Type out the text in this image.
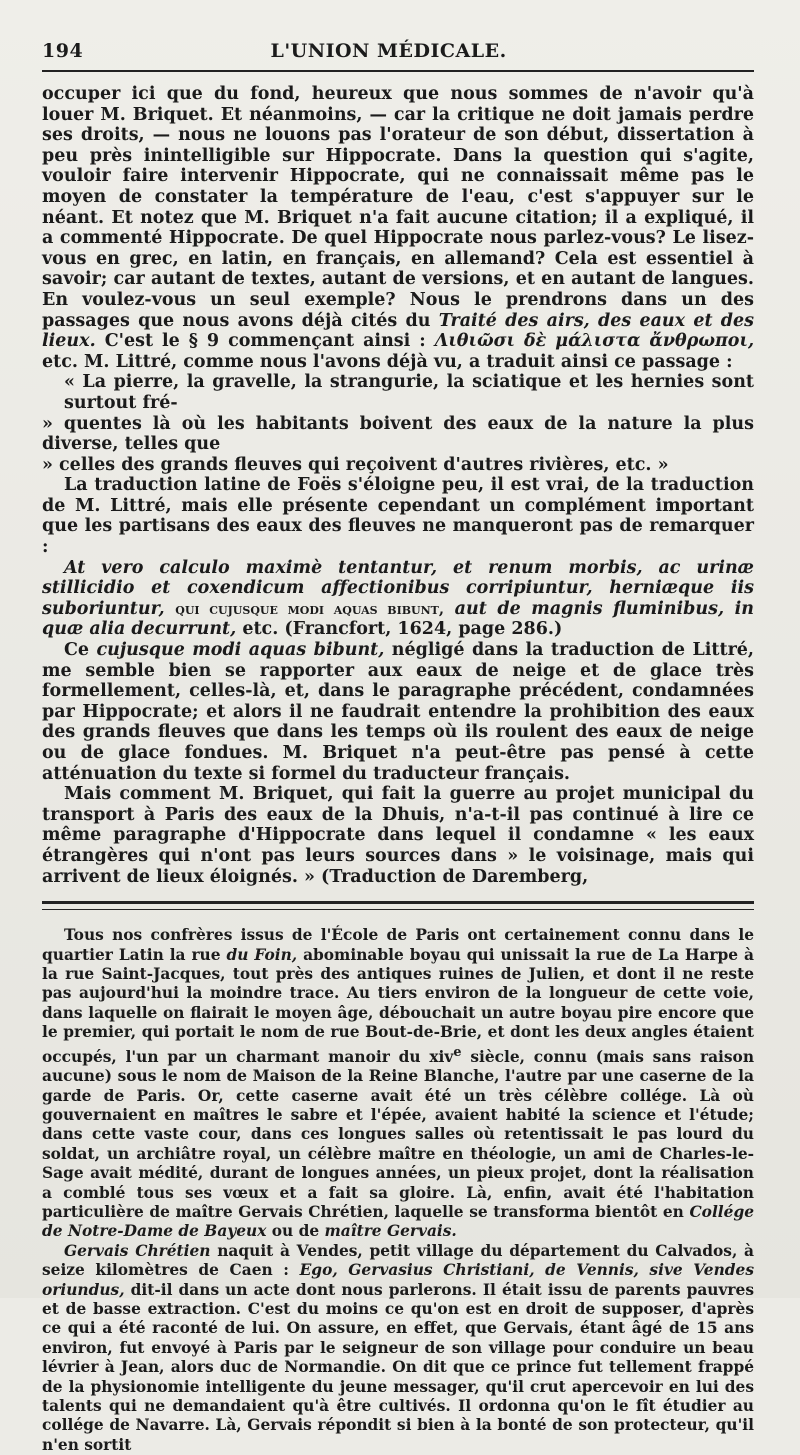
194	L'UNION MÉDICALE.

occuper ici que du fond, heureux que nous sommes de n'avoir qu'à louer M. Briquet. Et néanmoins, — car la critique ne doit jamais perdre ses droits, — nous ne louons pas l'orateur de son début, dissertation à peu près inintelligible sur Hippocrate. Dans la question qui s'agite, vouloir faire intervenir Hippocrate, qui ne connaissait même pas le moyen de constater la température de l'eau, c'est s'appuyer sur le néant. Et notez que M. Briquet n'a fait aucune citation; il a expliqué, il a commenté Hippocrate. De quel Hippocrate nous parlez-vous? Le lisez-vous en grec, en latin, en français, en allemand? Cela est essentiel à savoir; car autant de textes, autant de versions, et en autant de langues. En voulez-vous un seul exemple? Nous le prendrons dans un des passages que nous avons déjà cités du Traité des airs, des eaux et des lieux. C'est le § 9 commençant ainsi : Λιθιῶσι δὲ μάλιστα ἄνθρωποι, etc. M. Littré, comme nous l'avons déjà vu, a traduit ainsi ce passage :

« La pierre, la gravelle, la strangurie, la sciatique et les hernies sont surtout fré-

» quentes là où les habitants boivent des eaux de la nature la plus diverse, telles que

» celles des grands fleuves qui reçoivent d'autres rivières, etc. »

La traduction latine de Foës s'éloigne peu, il est vrai, de la traduction de M. Littré, mais elle présente cependant un complément important que les partisans des eaux des fleuves ne manqueront pas de remarquer :

At vero calculo maximè tentantur, et renum morbis, ac urinæ stillicidio et coxendicum affectionibus corripiuntur, herniæque iis suboriuntur, qui cujusque modi aquas bibunt, aut de magnis fluminibus, in quæ alia decurrunt, etc. (Francfort, 1624, page 286.)

Ce cujusque modi aquas bibunt, négligé dans la traduction de Littré, me semble bien se rapporter aux eaux de neige et de glace très formellement, celles-là, et, dans le paragraphe précédent, condamnées par Hippocrate; et alors il ne faudrait entendre la prohibition des eaux des grands fleuves que dans les temps où ils roulent des eaux de neige ou de glace fondues. M. Briquet n'a peut-être pas pensé à cette atténuation du texte si formel du traducteur français.

Mais comment M. Briquet, qui fait la guerre au projet municipal du transport à Paris des eaux de la Dhuis, n'a-t-il pas continué à lire ce même paragraphe d'Hippocrate dans lequel il condamne « les eaux étrangères qui n'ont pas leurs sources dans » le voisinage, mais qui arrivent de lieux éloignés. » (Traduction de Daremberg,

Tous nos confrères issus de l'École de Paris ont certainement connu dans le quartier Latin la rue du Foin, abominable boyau qui unissait la rue de La Harpe à la rue Saint-Jacques, tout près des antiques ruines de Julien, et dont il ne reste pas aujourd'hui la moindre trace. Au tiers environ de la longueur de cette voie, dans laquelle on flairait le moyen âge, débouchait un autre boyau pire encore que le premier, qui portait le nom de rue Bout-de-Brie, et dont les deux angles étaient occupés, l'un par un charmant manoir du xiv$^e$ siècle, connu (mais sans raison aucune) sous le nom de Maison de la Reine Blanche, l'autre par une caserne de la garde de Paris. Or, cette caserne avait été un très célèbre collége. Là où gouvernaient en maîtres le sabre et l'épée, avaient habité la science et l'étude; dans cette vaste cour, dans ces longues salles où retentissait le pas lourd du soldat, un archiâtre royal, un célèbre maître en théologie, un ami de Charles-le-Sage avait médité, durant de longues années, un pieux projet, dont la réalisation a comblé tous ses vœux et a fait sa gloire. Là, enfin, avait été l'habitation particulière de maître Gervais Chrétien, laquelle se transforma bientôt en Collége de Notre-Dame de Bayeux ou de maître Gervais.

Gervais Chrétien naquit à Vendes, petit village du département du Calvados, à seize kilomètres de Caen : Ego, Gervasius Christiani, de Vennis, sive Vendes oriundus, dit-il dans un acte dont nous parlerons. Il était issu de parents pauvres et de basse extraction. C'est du moins ce qu'on est en droit de supposer, d'après ce qui a été raconté de lui. On assure, en effet, que Gervais, étant âgé de 15 ans environ, fut envoyé à Paris par le seigneur de son village pour conduire un beau lévrier à Jean, alors duc de Normandie. On dit que ce prince fut tellement frappé de la physionomie intelligente du jeune messager, qu'il crut apercevoir en lui des talents qui ne demandaient qu'à être cultivés. Il ordonna qu'on le fît étudier au collége de Navarre. Là, Gervais répondit si bien à la bonté de son protecteur, qu'il n'en sortit
